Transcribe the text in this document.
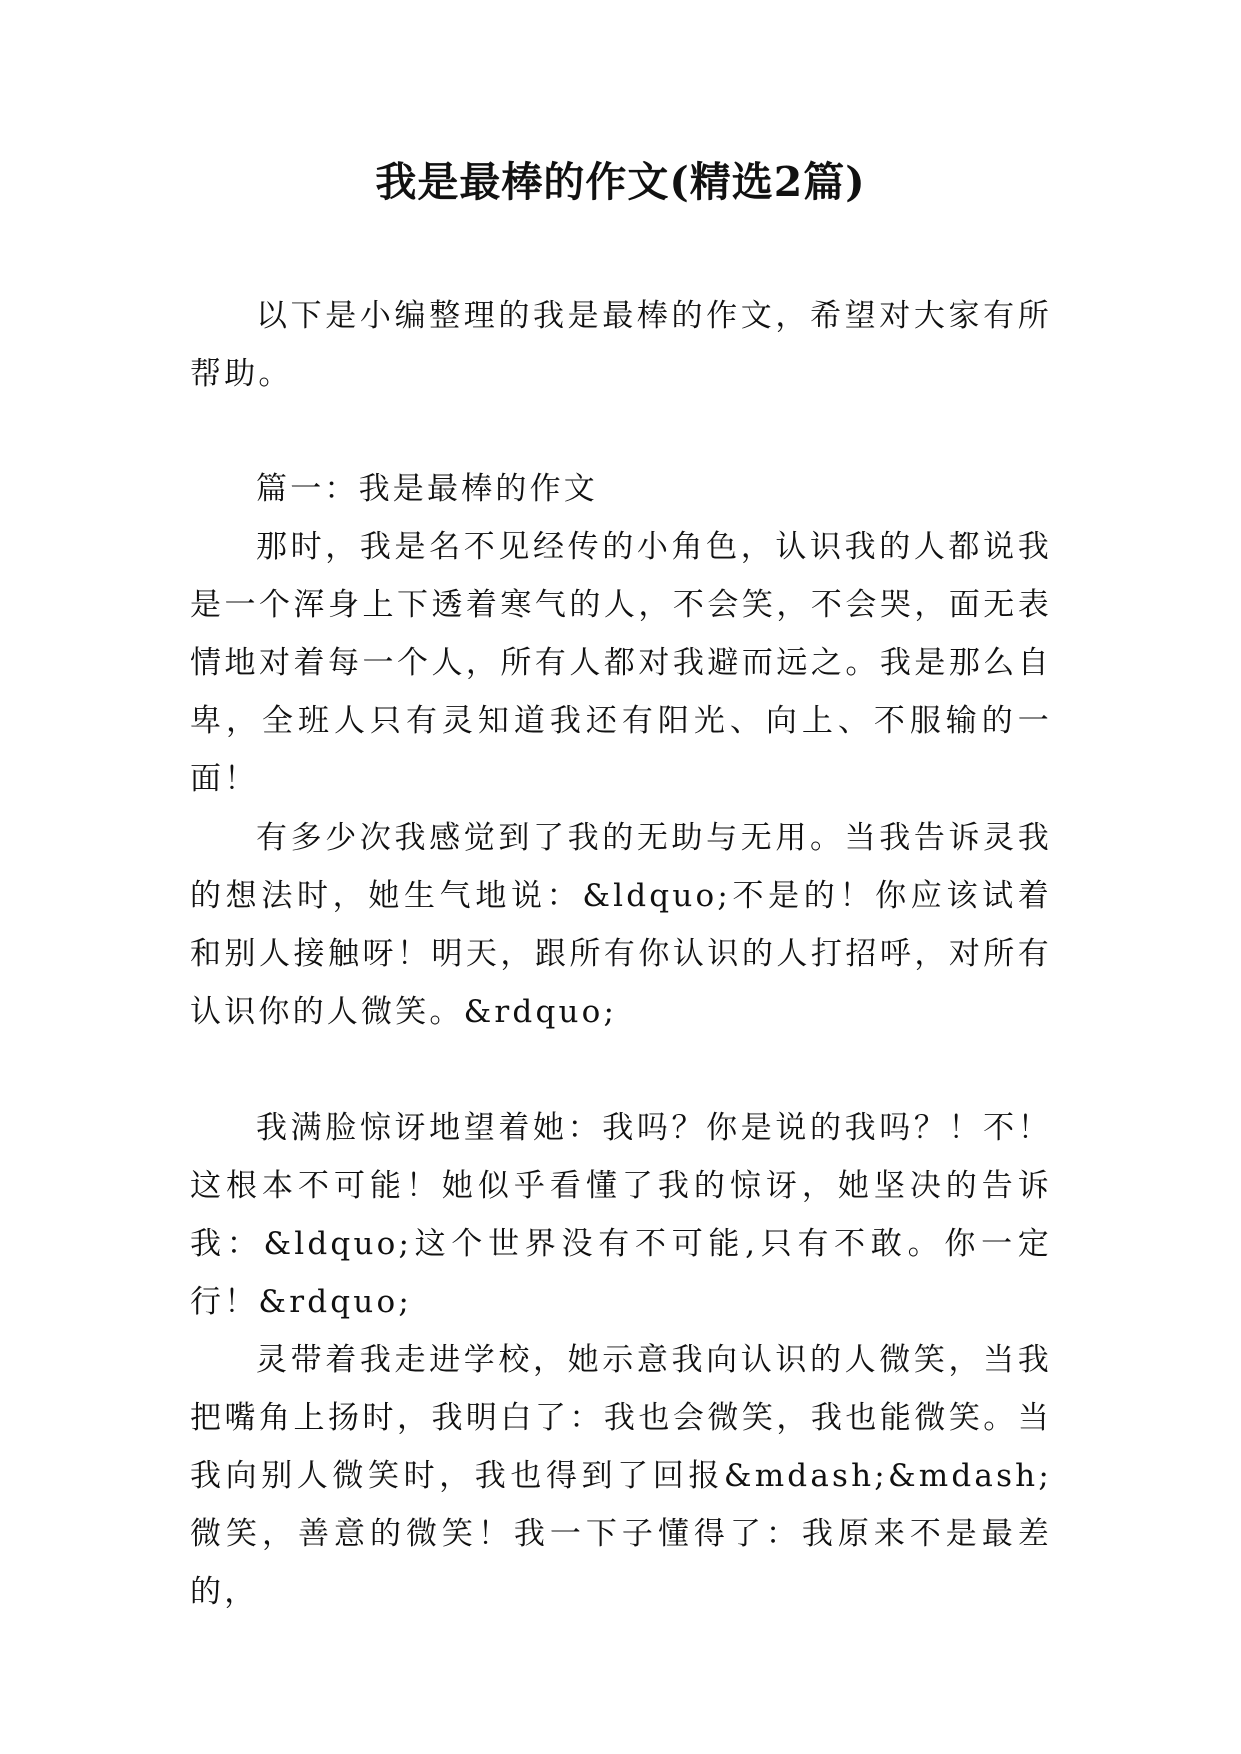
我是最棒的作文(精选2篇)
以下是小编整理的我是最棒的作文，希望对大家有所帮助。
篇一：我是最棒的作文
那时，我是名不见经传的小角色，认识我的人都说我是一个浑身上下透着寒气的人，不会笑，不会哭，面无表情地对着每一个人，所有人都对我避而远之。我是那么自卑，全班人只有灵知道我还有阳光、向上、不服输的一面！
有多少次我感觉到了我的无助与无用。当我告诉灵我的想法时，她生气地说：&ldquo;不是的！你应该试着和别人接触呀！明天，跟所有你认识的人打招呼，对所有认识你的人微笑。&rdquo;
我满脸惊讶地望着她：我吗？你是说的我吗？！不！这根本不可能！她似乎看懂了我的惊讶，她坚决的告诉我：&ldquo;这个世界没有不可能,只有不敢。你一定行！&rdquo;
灵带着我走进学校，她示意我向认识的人微笑，当我把嘴角上扬时，我明白了：我也会微笑，我也能微笑。当我向别人微笑时，我也得到了回报&mdash;&mdash;微笑，善意的微笑！我一下子懂得了：我原来不是最差的，
